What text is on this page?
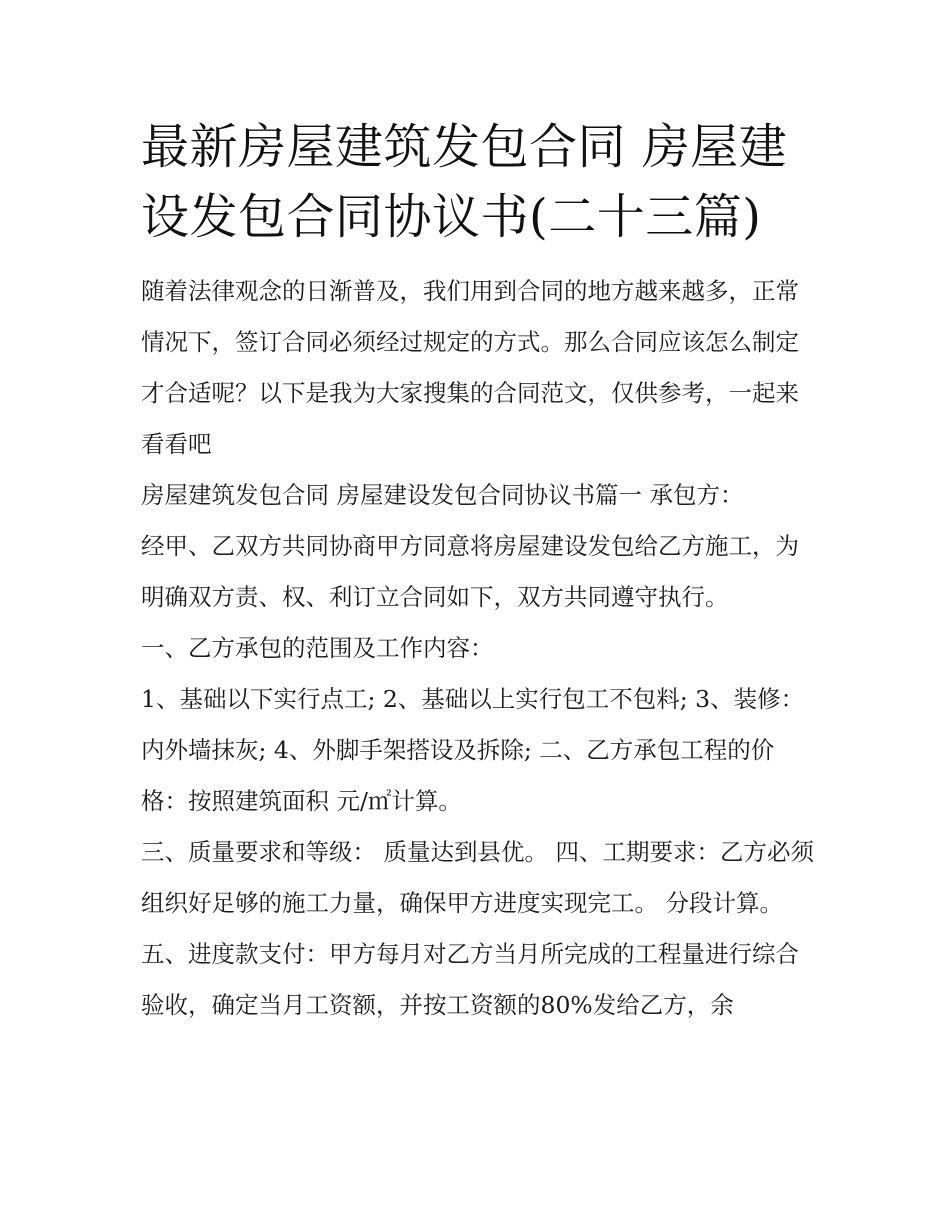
最新房屋建筑发包合同 房屋建设发包合同协议书(二十三篇)

随着法律观念的日渐普及，我们用到合同的地方越来越多，正常情况下，签订合同必须经过规定的方式。那么合同应该怎么制定才合适呢？以下是我为大家搜集的合同范文，仅供参考，一起来看看吧

房屋建筑发包合同 房屋建设发包合同协议书篇一 承包方：

经甲、乙双方共同协商甲方同意将房屋建设发包给乙方施工，为明确双方责、权、利订立合同如下，双方共同遵守执行。

一、乙方承包的范围及工作内容：

1、基础以下实行点工; 2、基础以上实行包工不包料; 3、装修：内外墙抹灰; 4、外脚手架搭设及拆除; 二、乙方承包工程的价格：按照建筑面积 元/㎡计算。

三、质量要求和等级： 质量达到县优。 四、工期要求：乙方必须组织好足够的施工力量，确保甲方进度实现完工。 分段计算。

五、进度款支付：甲方每月对乙方当月所完成的工程量进行综合验收，确定当月工资额，并按工资额的80%发给乙方，余
